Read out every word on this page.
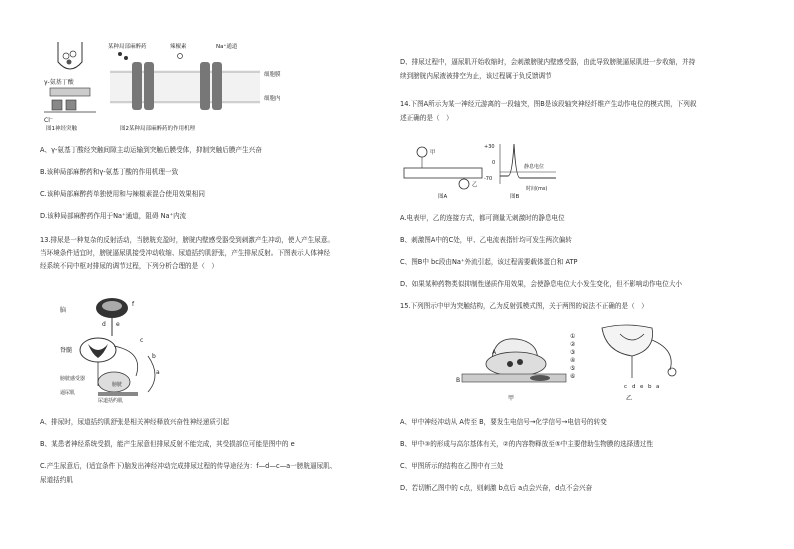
γ-氨基丁酸
Cl⁻
图1神经突触
某种局部麻醉药	辣椒素	Na⁺通道
细胞膜
细胞内
图2某种局部麻醉药的作用机理
A、γ-氨基丁酸经突触间隙主动运输到突触后膜受体，抑制突触后膜产生兴奋
B.该种局部麻醉药和γ-氨基丁酸的作用机理一致
C.该种局部麻醉药单独使用和与辣椒素混合使用效果相同
D.该种局部麻醉药作用于Na⁺通道，阻碍 Na⁺内流
13.排尿是一种复杂的反射活动，当膀胱充盈时，膀胱内壁感受器受到刺激产生冲动，使人产生尿意。
当环境条件适宜时，膀胱逼尿肌接受冲动收缩、尿道括约肌舒张，产生排尿反射。下图表示人体神经
经系统不同中枢对排尿的调节过程，下列分析合理的是（　）
f
脑
d e
c
b
a
脊髓
膀胱
逼尿肌
尿道括约肌
膀胱感受器
A、排尿时，尿道括约肌舒张是相关神经释放兴奋性神经递质引起
B、某患者神经系统受损，能产生尿意但排尿反射不能完成，其受损部位可能是图中的 e
C.产生尿意后，(适宜条件下)脑发出神经冲动完成排尿过程的传导途径为：f—d—c—a一膀胱逼尿肌、
尿道括约肌
D、排尿过程中，逼尿肌开始收缩时，会刺激膀胱内壁感受器，由此导致膀胱逼尿肌进一步收缩，并持
续到膀胱内尿液被排空为止，该过程属于负反馈调节
14.下图A所示为某一神经元游离的一段轴突，图B是该段轴突神经纤维产生动作电位的模式图，下列叙
述正确的是（　）
+30
0
-70
静息电位
时间(ms)
图A	图B
甲
乙
A.电表甲，乙的连接方式，都可测量无刺激时的静息电位
B、刺激图A中的C处，甲、乙电流表指针均可发生两次偏转
C、图B中 bc段由Na⁺外流引起，该过程需要载体蛋白和 ATP
D、如果某种药物类似抑制性递质作用效果，会使静息电位大小发生变化，但不影响动作电位大小
15.下列图示中甲为突触结构，乙为反射弧模式图，关于两图的说法不正确的是（　）
A
B
①
②
③
④
⑤
⑥
甲	乙
c d e b a
A、甲中神经冲动从 A传至 B，要发生电信号→化学信号→电信号的转变
B、甲中③的形成与高尔基体有关，②的内容物释放至⑤中主要借助生物膜的选择透过性
C、甲图所示的结构在乙图中有三处
D、若切断乙图中的 c点，则刺激 b点后 a点会兴奋，d点不会兴奋
